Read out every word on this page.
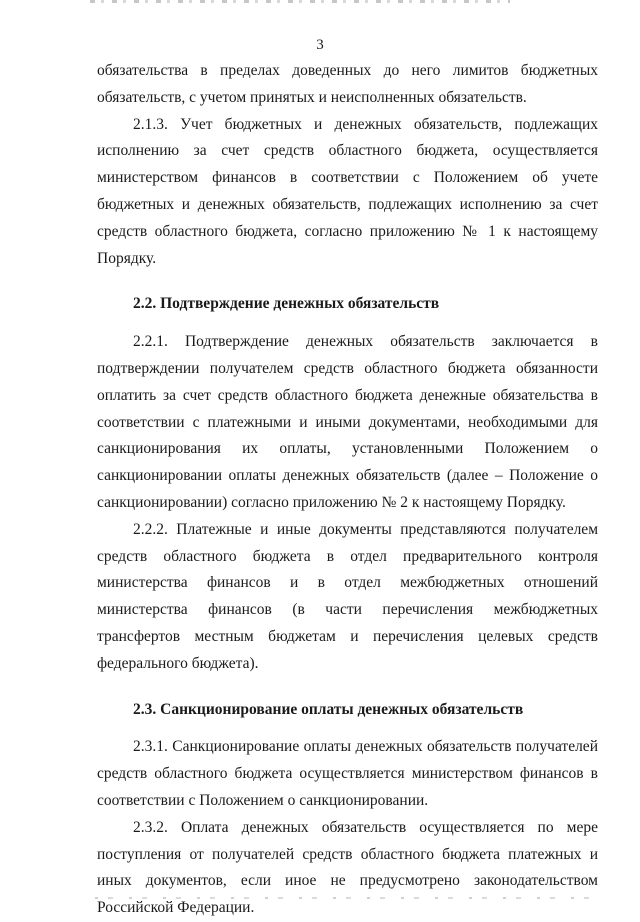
3

обязательства в пределах доведенных до него лимитов бюджетных обязательств, с учетом принятых и неисполненных обязательств.

2.1.3. Учет бюджетных и денежных обязательств, подлежащих исполнению за счет средств областного бюджета, осуществляется министерством финансов в соответствии с Положением об учете бюджетных и денежных обязательств, подлежащих исполнению за счет средств областного бюджета, согласно приложению № 1 к настоящему Порядку.

2.2. Подтверждение денежных обязательств

2.2.1. Подтверждение денежных обязательств заключается в подтверждении получателем средств областного бюджета обязанности оплатить за счет средств областного бюджета денежные обязательства в соответствии с платежными и иными документами, необходимыми для санкционирования их оплаты, установленными Положением о санкционировании оплаты денежных обязательств (далее – Положение о санкционировании) согласно приложению № 2 к настоящему Порядку.

2.2.2. Платежные и иные документы представляются получателем средств областного бюджета в отдел предварительного контроля министерства финансов и в отдел межбюджетных отношений министерства финансов (в части перечисления межбюджетных трансфертов местным бюджетам и перечисления целевых средств федерального бюджета).

2.3. Санкционирование оплаты денежных обязательств

2.3.1. Санкционирование оплаты денежных обязательств получателей средств областного бюджета осуществляется министерством финансов в соответствии с Положением о санкционировании.

2.3.2. Оплата денежных обязательств осуществляется по мере поступления от получателей средств областного бюджета платежных и иных документов, если иное не предусмотрено законодательством Российской Федерации.
